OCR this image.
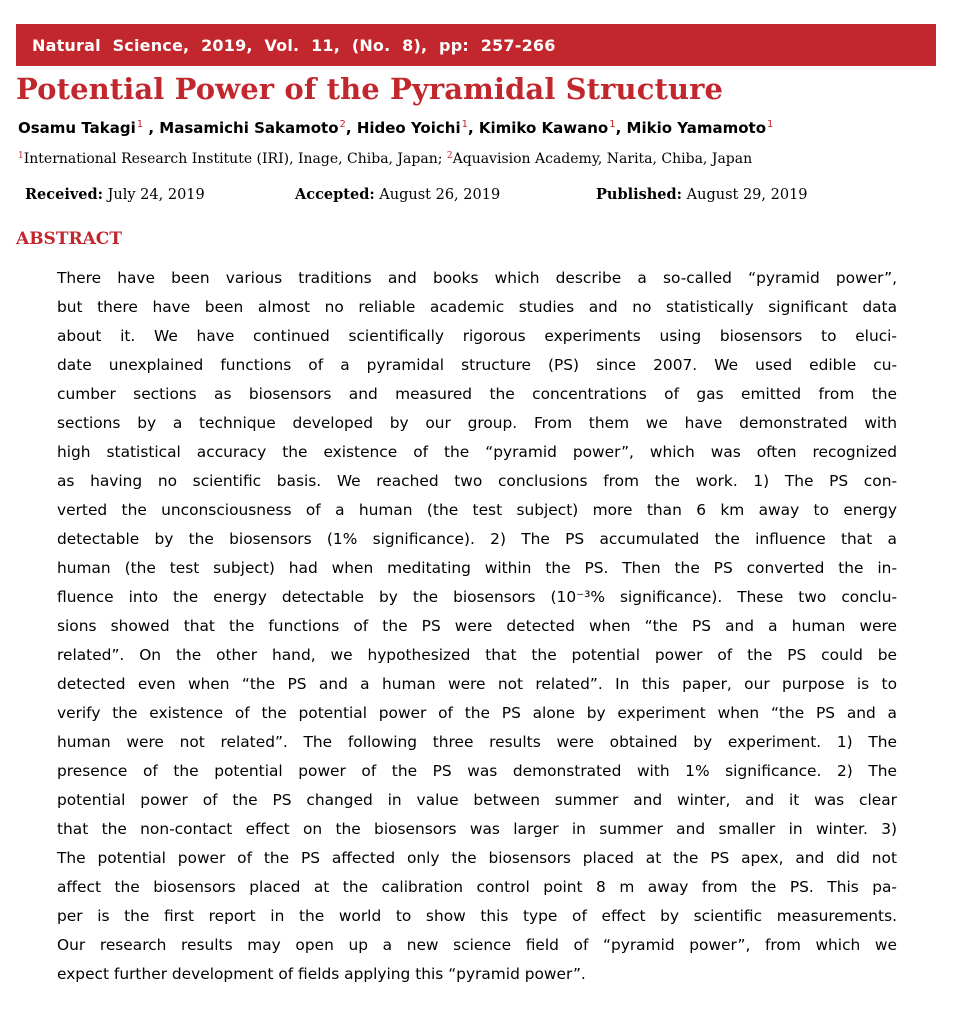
Natural Science, 2019, Vol. 11, (No. 8), pp: 257-266
Potential Power of the Pyramidal Structure
Osamu Takagi$^1$ , Masamichi Sakamoto$^2$, Hideo Yoichi$^1$, Kimiko Kawano$^1$, Mikio Yamamoto$^1$
$^1$International Research Institute (IRI), Inage, Chiba, Japan; $^2$Aquavision Academy, Narita, Chiba, Japan
Received: July 24, 2019	Accepted: August 26, 2019	Published: August 29, 2019
ABSTRACT
There have been various traditions and books which describe a so-called “pyramid power”,
but there have been almost no reliable academic studies and no statistically significant data
about it. We have continued scientifically rigorous experiments using biosensors to eluci-
date unexplained functions of a pyramidal structure (PS) since 2007. We used edible cu-
cumber sections as biosensors and measured the concentrations of gas emitted from the
sections by a technique developed by our group. From them we have demonstrated with
high statistical accuracy the existence of the “pyramid power”, which was often recognized
as having no scientific basis. We reached two conclusions from the work. 1) The PS con-
verted the unconsciousness of a human (the test subject) more than 6 km away to energy
detectable by the biosensors (1% significance). 2) The PS accumulated the influence that a
human (the test subject) had when meditating within the PS. Then the PS converted the in-
fluence into the energy detectable by the biosensors (10⁻³% significance). These two conclu-
sions showed that the functions of the PS were detected when “the PS and a human were
related”. On the other hand, we hypothesized that the potential power of the PS could be
detected even when “the PS and a human were not related”. In this paper, our purpose is to
verify the existence of the potential power of the PS alone by experiment when “the PS and a
human were not related”. The following three results were obtained by experiment. 1) The
presence of the potential power of the PS was demonstrated with 1% significance. 2) The
potential power of the PS changed in value between summer and winter, and it was clear
that the non-contact effect on the biosensors was larger in summer and smaller in winter. 3)
The potential power of the PS affected only the biosensors placed at the PS apex, and did not
affect the biosensors placed at the calibration control point 8 m away from the PS. This pa-
per is the first report in the world to show this type of effect by scientific measurements.
Our research results may open up a new science field of “pyramid power”, from which we
expect further development of fields applying this “pyramid power”.
